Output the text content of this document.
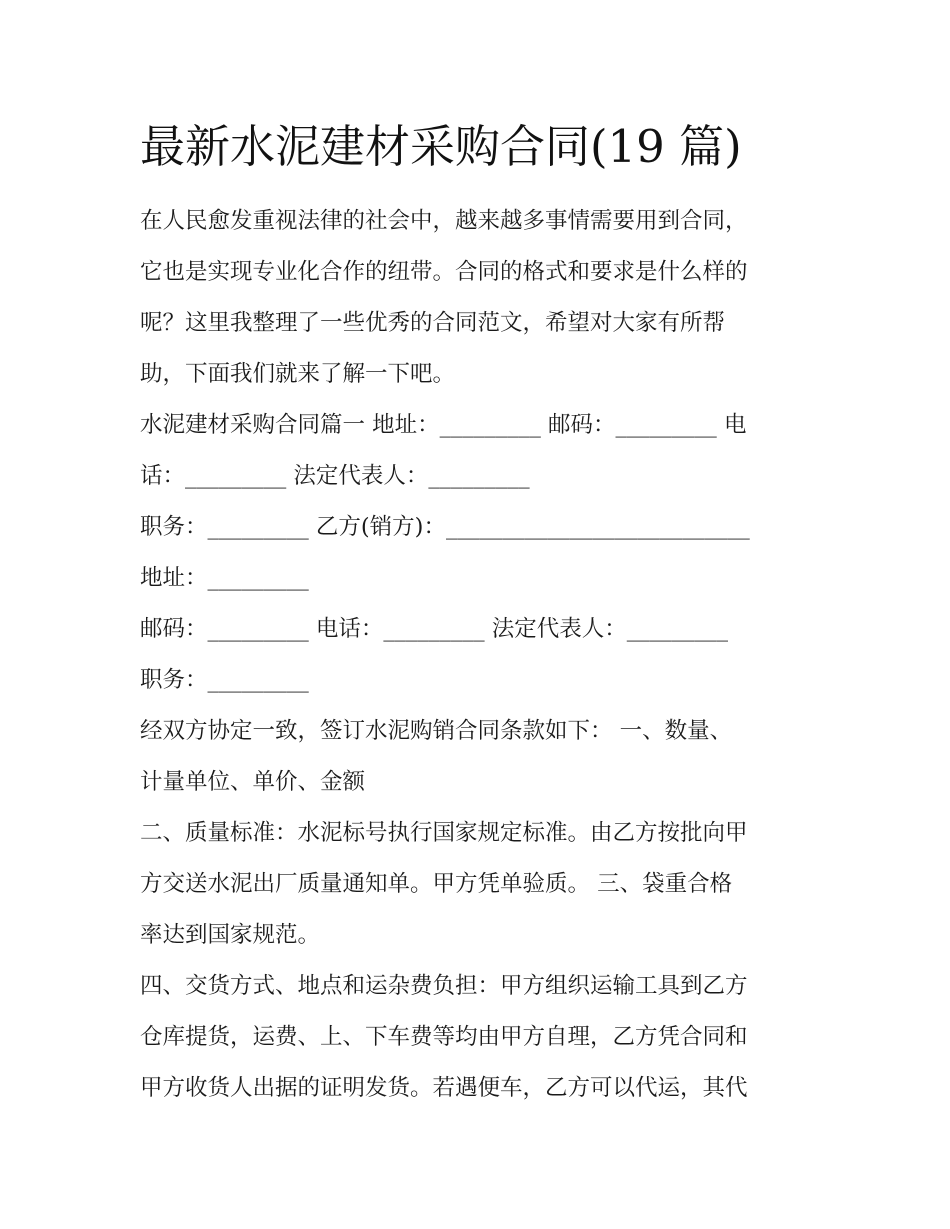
最新水泥建材采购合同(19 篇)
在人民愈发重视法律的社会中，越来越多事情需要用到合同，
它也是实现专业化合作的纽带。合同的格式和要求是什么样的
呢？这里我整理了一些优秀的合同范文，希望对大家有所帮
助，下面我们就来了解一下吧。
水泥建材采购合同篇一 地址：_________ 邮码：_________ 电
话：_________ 法定代表人：_________
职务：_________ 乙方(销方)：___________________________
地址：_________
邮码：_________ 电话：_________ 法定代表人：_________
职务：_________
经双方协定一致，签订水泥购销合同条款如下： 一、数量、
计量单位、单价、金额
二、质量标准：水泥标号执行国家规定标准。由乙方按批向甲
方交送水泥出厂质量通知单。甲方凭单验质。 三、袋重合格
率达到国家规范。
四、交货方式、地点和运杂费负担：甲方组织运输工具到乙方
仓库提货，运费、上、下车费等均由甲方自理，乙方凭合同和
甲方收货人出据的证明发货。若遇便车，乙方可以代运，其代
